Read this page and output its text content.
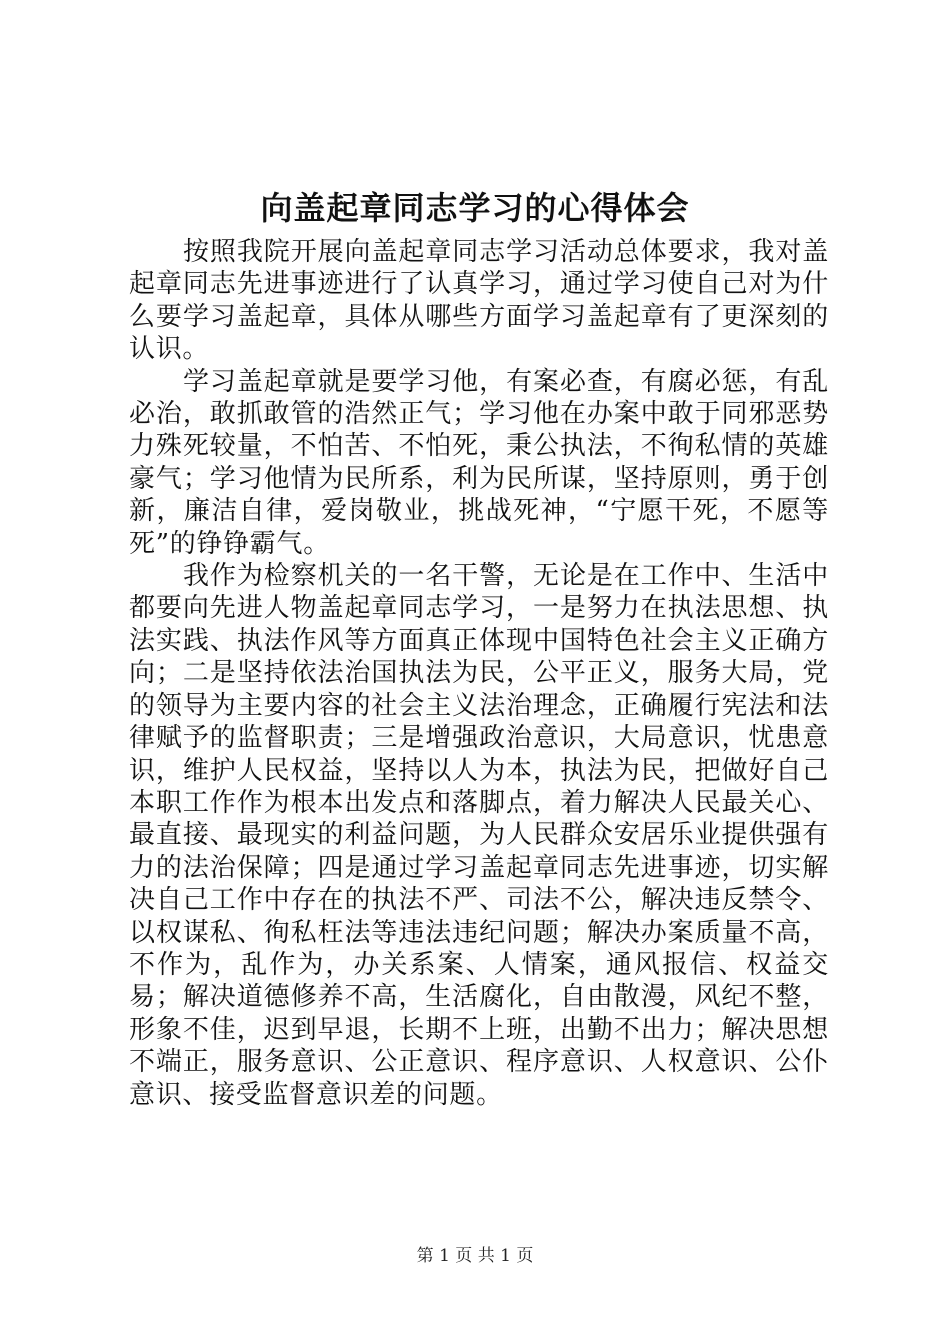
向盖起章同志学习的心得体会

按照我院开展向盖起章同志学习活动总体要求，我对盖起章同志先进事迹进行了认真学习，通过学习使自己对为什么要学习盖起章，具体从哪些方面学习盖起章有了更深刻的认识。

学习盖起章就是要学习他，有案必查，有腐必惩，有乱必治，敢抓敢管的浩然正气；学习他在办案中敢于同邪恶势力殊死较量，不怕苦、不怕死，秉公执法，不徇私情的英雄豪气；学习他情为民所系，利为民所谋，坚持原则，勇于创新，廉洁自律，爱岗敬业，挑战死神，“宁愿干死，不愿等死”的铮铮霸气。

我作为检察机关的一名干警，无论是在工作中、生活中都要向先进人物盖起章同志学习，一是努力在执法思想、执法实践、执法作风等方面真正体现中国特色社会主义正确方向；二是坚持依法治国执法为民，公平正义，服务大局，党的领导为主要内容的社会主义法治理念，正确履行宪法和法律赋予的监督职责；三是增强政治意识，大局意识，忧患意识，维护人民权益，坚持以人为本，执法为民，把做好自己本职工作作为根本出发点和落脚点，着力解决人民最关心、最直接、最现实的利益问题，为人民群众安居乐业提供强有力的法治保障；四是通过学习盖起章同志先进事迹，切实解决自己工作中存在的执法不严、司法不公，解决违反禁令、以权谋私、徇私枉法等违法违纪问题；解决办案质量不高，不作为，乱作为，办关系案、人情案，通风报信、权益交易；解决道德修养不高，生活腐化，自由散漫，风纪不整，形象不佳，迟到早退，长期不上班，出勤不出力；解决思想不端正，服务意识、公正意识、程序意识、人权意识、公仆意识、接受监督意识差的问题。

第 1 页 共 1 页
